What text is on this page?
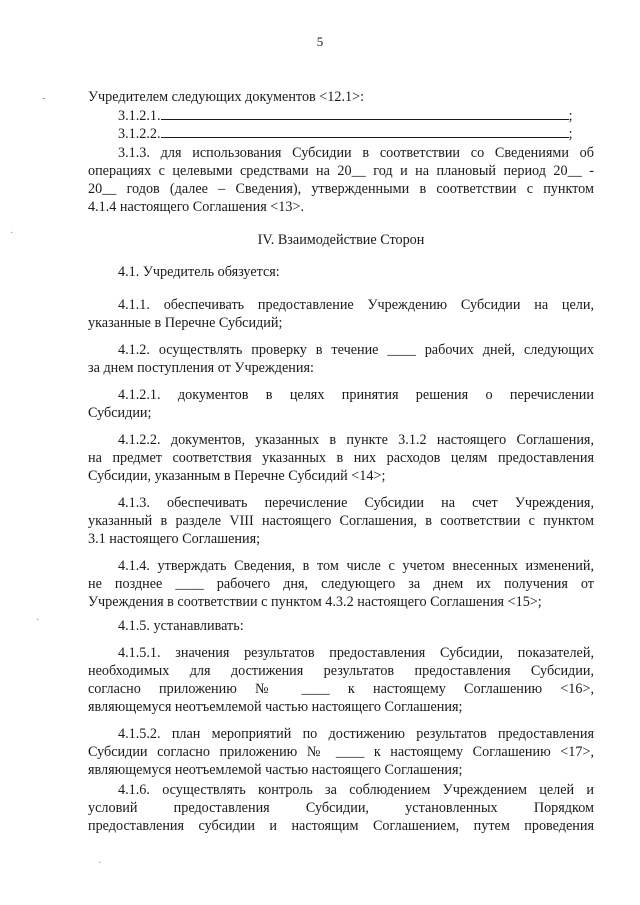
5
-
·
·
·
Учредителем следующих документов <12.1>:
3.1.2.1.	;
3.1.2.2.	;
3.1.3. для использования Субсидии в соответствии со Сведениями об
операциях с целевыми средствами на 20__ год и на плановый период 20__ -
20__ годов (далее – Сведения), утвержденными в соответствии с пунктом
4.1.4 настоящего Соглашения <13>.
IV. Взаимодействие Сторон
4.1. Учредитель обязуется:
4.1.1. обеспечивать предоставление Учреждению Субсидии на цели,
указанные в Перечне Субсидий;
4.1.2. осуществлять проверку в течение ____ рабочих дней, следующих
за днем поступления от Учреждения:
4.1.2.1. документов в целях принятия решения о перечислении
Субсидии;
4.1.2.2. документов, указанных в пункте 3.1.2 настоящего Соглашения,
на предмет соответствия указанных в них расходов целям предоставления
Субсидии, указанным в Перечне Субсидий <14>;
4.1.3. обеспечивать перечисление Субсидии на счет Учреждения,
указанный в разделе VIII настоящего Соглашения, в соответствии с пунктом
3.1 настоящего Соглашения;
4.1.4. утверждать Сведения, в том числе с учетом внесенных изменений,
не позднее ____ рабочего дня, следующего за днем их получения от
Учреждения в соответствии с пунктом 4.3.2 настоящего Соглашения <15>;
4.1.5. устанавливать:
4.1.5.1. значения результатов предоставления Субсидии, показателей,
необходимых для достижения результатов предоставления Субсидии,
согласно приложению № ____ к настоящему Соглашению <16>,
являющемуся неотъемлемой частью настоящего Соглашения;
4.1.5.2. план мероприятий по достижению результатов предоставления
Субсидии согласно приложению № ____ к настоящему Соглашению <17>,
являющемуся неотъемлемой частью настоящего Соглашения;
4.1.6. осуществлять контроль за соблюдением Учреждением целей и
условий предоставления Субсидии, установленных Порядком
предоставления субсидии и настоящим Соглашением, путем проведения
